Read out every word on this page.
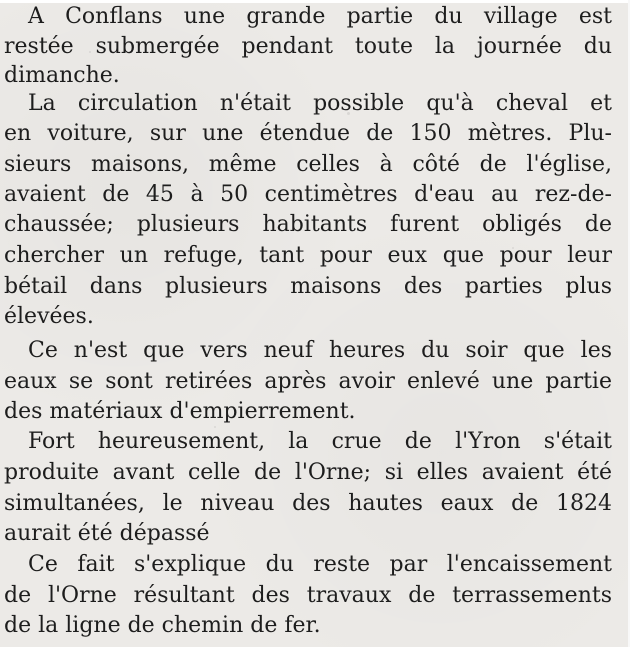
A Conflans une grande partie du village est
restée submergée pendant toute la journée du
dimanche.
La circulation n'était possible qu'à cheval et
en voiture, sur une étendue de 150 mètres. Plu-
sieurs maisons, même celles à côté de l'église,
avaient de 45 à 50 centimètres d'eau au rez-de-
chaussée; plusieurs habitants furent obligés de
chercher un refuge, tant pour eux que pour leur
bétail dans plusieurs maisons des parties plus
élevées.
Ce n'est que vers neuf heures du soir que les
eaux se sont retirées après avoir enlevé une partie
des matériaux d'empierrement.
Fort heureusement, la crue de l'Yron s'était
produite avant celle de l'Orne; si elles avaient été
simultanées, le niveau des hautes eaux de 1824
aurait été dépassé
Ce fait s'explique du reste par l'encaissement
de l'Orne résultant des travaux de terrassements
de la ligne de chemin de fer.
